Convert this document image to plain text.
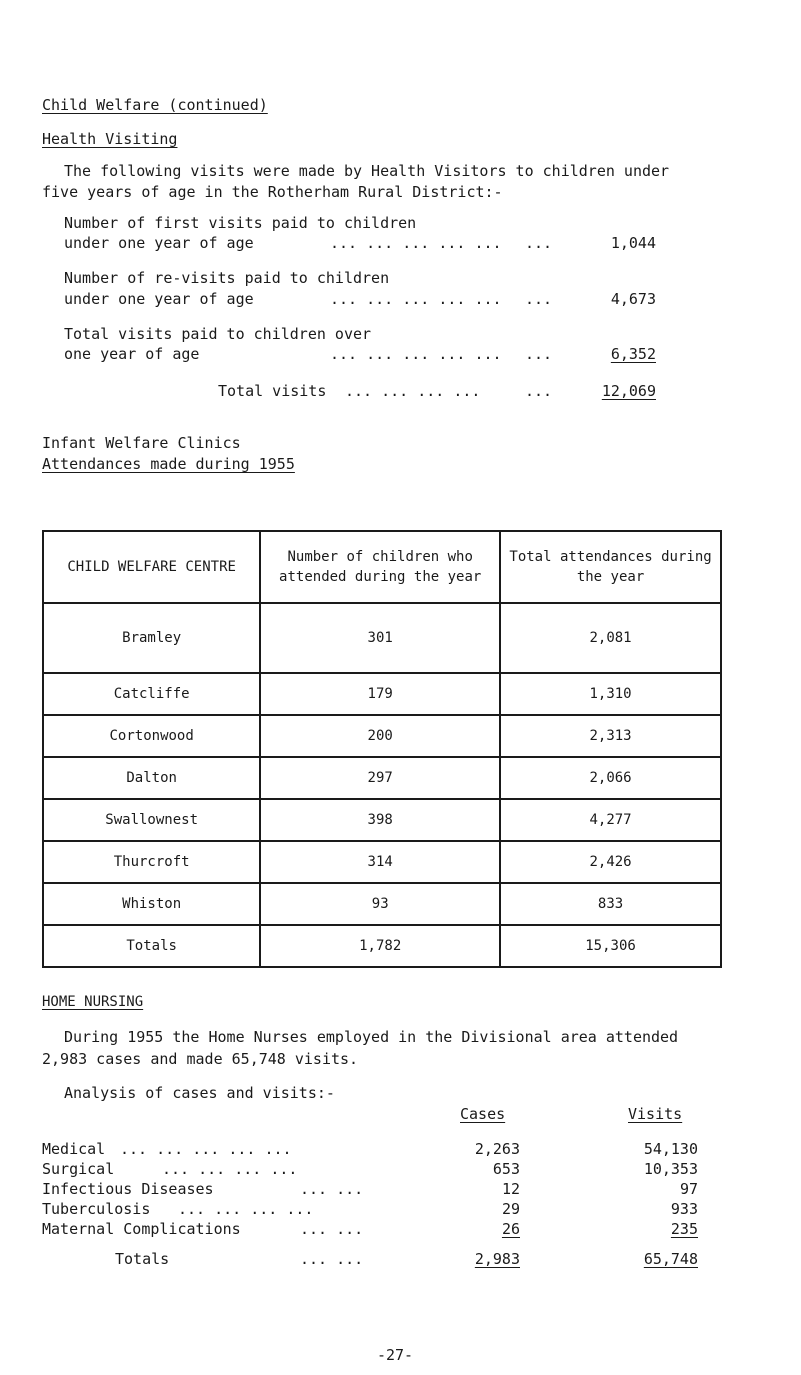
Child Welfare (continued)
Health Visiting
The following visits were made by Health Visitors to children under
five years of age in the Rotherham Rural District:-
Number of first visits paid to children
under one year of age	... ... ... ... ... ...	1,044
Number of re-visits paid to children
under one year of age	... ... ... ... ... ...	4,673
Total visits paid to children over
one year of age	... ... ... ... ... ...	6,352
Total visits ... ... ... ...	...	12,069
Infant Welfare Clinics
Attendances made during 1955
CHILD WELFARE CENTRE	Number of children who attended during the year	Total attendances during the year
Bramley	301	2,081
Catcliffe	179	1,310
Cortonwood	200	2,313
Dalton	297	2,066
Swallownest	398	4,277
Thurcroft	314	2,426
Whiston	93	833
Totals	1,782	15,306
HOME NURSING
During 1955 the Home Nurses employed in the Divisional area attended
2,983 cases and made 65,748 visits.
Analysis of cases and visits:-
Cases	Visits
Medical ... ... ... ... ...	2,263	54,130
Surgical	... ... ... ...	653	10,353
Infectious Diseases	... ...	12	97
Tuberculosis ... ... ... ...	29	933
Maternal Complications	... ...	26	235
Totals	... ...	2,983	65,748
-27-
